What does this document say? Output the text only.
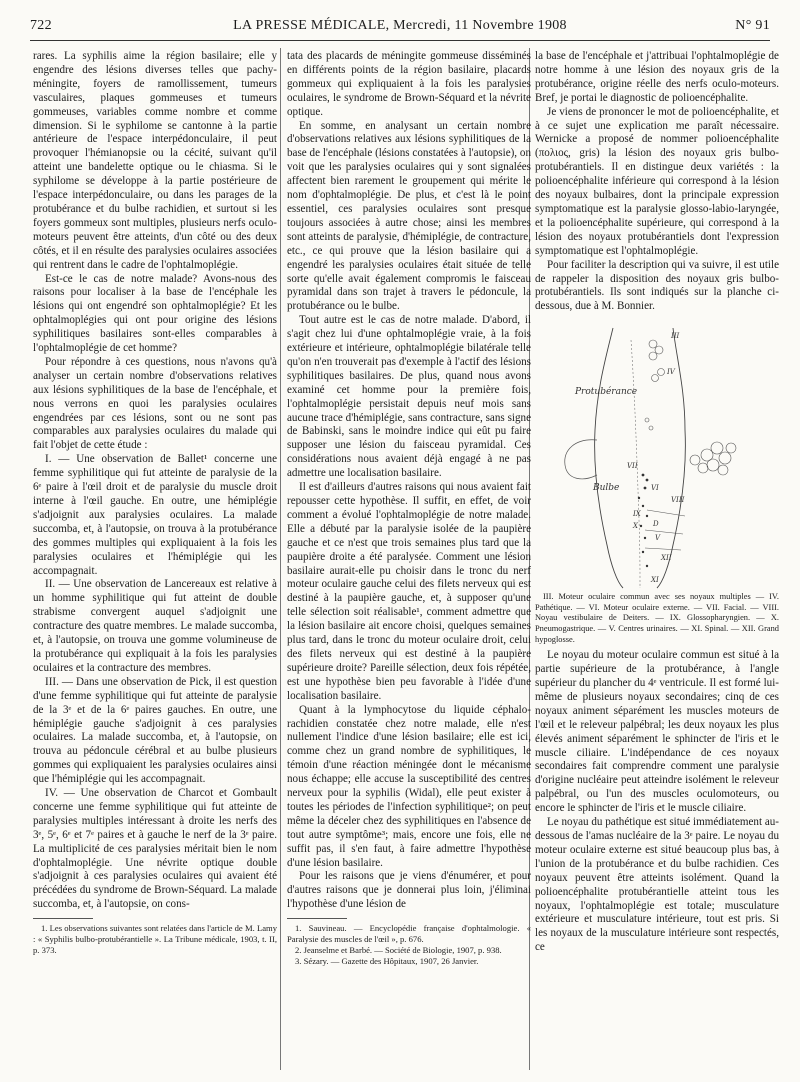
722	LA PRESSE MÉDICALE, Mercredi, 11 Novembre 1908	N° 91

rares. La syphilis aime la région basilaire; elle y engendre des lésions diverses telles que pachy-méningite, foyers de ramollissement, tumeurs vasculaires, plaques gommeuses et tumeurs gommeuses, variables comme nombre et comme dimension. Si le syphilome se cantonne à la partie antérieure de l'espace interpédonculaire, il peut provoquer l'hémianopsie ou la cécité, suivant qu'il atteint une bandelette optique ou le chiasma. Si le syphilome se développe à la partie postérieure de l'espace interpédonculaire, ou dans les parages de la protubérance et du bulbe rachidien, et surtout si les foyers gommeux sont multiples, plusieurs nerfs oculo-moteurs peuvent être atteints, d'un côté ou des deux côtés, et il en résulte des paralysies oculaires associées qui rentrent dans le cadre de l'ophtalmoplégie.

Est-ce le cas de notre malade? Avons-nous des raisons pour localiser à la base de l'encéphale les lésions qui ont engendré son ophtalmoplégie? Et les ophtalmoplégies qui ont pour origine des lésions syphilitiques basilaires sont-elles comparables à l'ophtalmoplégie de cet homme?

Pour répondre à ces questions, nous n'avons qu'à analyser un certain nombre d'observations relatives aux lésions syphilitiques de la base de l'encéphale, et nous verrons en quoi les paralysies oculaires engendrées par ces lésions, sont ou ne sont pas comparables aux paralysies oculaires du malade qui fait l'objet de cette étude :

I. — Une observation de Ballet¹ concerne une femme syphilitique qui fut atteinte de paralysie de la 6ᵉ paire à l'œil droit et de paralysie du muscle droit interne à l'œil gauche. En outre, une hémiplégie s'adjoignit aux paralysies oculaires. La malade succomba, et, à l'autopsie, on trouva à la protubérance des gommes multiples qui expliquaient à la fois les paralysies oculaires et l'hémiplégie qui les accompagnait.

II. — Une observation de Lancereaux est relative à un homme syphilitique qui fut atteint de double strabisme convergent auquel s'adjoignit une contracture des quatre membres. Le malade succomba, et, à l'autopsie, on trouva une gomme volumineuse de la protubérance qui expliquait à la fois les paralysies oculaires et la contracture des membres.

III. — Dans une observation de Pick, il est question d'une femme syphilitique qui fut atteinte de paralysie de la 3ᵉ et de la 6ᵉ paires gauches. En outre, une hémiplégie gauche s'adjoignit à ces paralysies oculaires. La malade succomba, et, à l'autopsie, on trouva au pédoncule cérébral et au bulbe plusieurs gommes qui expliquaient les paralysies oculaires ainsi que l'hémiplégie qui les accompagnait.

IV. — Une observation de Charcot et Gombault concerne une femme syphilitique qui fut atteinte de paralysies multiples intéressant à droite les nerfs des 3ᵉ, 5ᵉ, 6ᵉ et 7ᵉ paires et à gauche le nerf de la 3ᵉ paire. La multiplicité de ces paralysies méritait bien le nom d'ophtalmoplégie. Une névrite optique double s'adjoignit à ces paralysies oculaires qui avaient été précédées du syndrome de Brown-Séquard. La malade succomba, et, à l'autopsie, on cons-

1. Les observations suivantes sont relatées dans l'article de M. Lamy : « Syphilis bulbo-protubérantielle ». La Tribune médicale, 1903, t. II, p. 373.

tata des placards de méningite gommeuse disséminés en différents points de la région basilaire, placards gommeux qui expliquaient à la fois les paralysies oculaires, le syndrome de Brown-Séquard et la névrite optique.

En somme, en analysant un certain nombre d'observations relatives aux lésions syphilitiques de la base de l'encéphale (lésions constatées à l'autopsie), on voit que les paralysies oculaires qui y sont signalées affectent bien rarement le groupement qui mérite le nom d'ophtalmoplégie. De plus, et c'est là le point essentiel, ces paralysies oculaires sont presque toujours associées à autre chose; ainsi les membres sont atteints de paralysie, d'hémiplégie, de contracture, etc., ce qui prouve que la lésion basilaire qui a engendré les paralysies oculaires était située de telle sorte qu'elle avait également compromis le faisceau pyramidal dans son trajet à travers le pédoncule, la protubérance ou le bulbe.

Tout autre est le cas de notre malade. D'abord, il s'agit chez lui d'une ophtalmoplégie vraie, à la fois extérieure et intérieure, ophtalmoplégie bilatérale telle qu'on n'en trouverait pas d'exemple à l'actif des lésions syphilitiques basilaires. De plus, quand nous avons examiné cet homme pour la première fois, l'ophtalmoplégie persistait depuis neuf mois sans aucune trace d'hémiplégie, sans contracture, sans signe de Babinski, sans le moindre indice qui eût pu faire supposer une lésion du faisceau pyramidal. Ces considérations nous avaient déjà engagé à ne pas admettre une localisation basilaire.

Il est d'ailleurs d'autres raisons qui nous avaient fait repousser cette hypothèse. Il suffit, en effet, de voir comment a évolué l'ophtalmoplégie de notre malade. Elle a débuté par la paralysie isolée de la paupière gauche et ce n'est que trois semaines plus tard que la paupière droite a été paralysée. Comment une lésion basilaire aurait-elle pu choisir dans le tronc du nerf moteur oculaire gauche celui des filets nerveux qui est destiné à la paupière gauche, et, à supposer qu'une telle sélection soit réalisable¹, comment admettre que la lésion basilaire ait encore choisi, quelques semaines plus tard, dans le tronc du moteur oculaire droit, celui des filets nerveux qui est destiné à la paupière supérieure droite? Pareille sélection, deux fois répétée, est une hypothèse bien peu favorable à l'idée d'une localisation basilaire.

Quant à la lymphocytose du liquide céphalo-rachidien constatée chez notre malade, elle n'est nullement l'indice d'une lésion basilaire; elle est ici, comme chez un grand nombre de syphilitiques, le témoin d'une réaction méningée dont le mécanisme nous échappe; elle accuse la susceptibilité des centres nerveux pour la syphilis (Widal), elle peut exister à toutes les périodes de l'infection syphilitique²; on peut même la déceler chez des syphilitiques en l'absence de tout autre symptôme³; mais, encore une fois, elle ne suffit pas, il s'en faut, à faire admettre l'hypothèse d'une lésion basilaire.

Pour les raisons que je viens d'énumérer, et pour d'autres raisons que je donnerai plus loin, j'éliminai l'hypothèse d'une lésion de

1. Sauvineau. — Encyclopédie française d'ophtalmologie. « Paralysie des muscles de l'œil », p. 676.

2. Jeanselme et Barbé. — Société de Biologie, 1907, p. 938.

3. Sézary. — Gazette des Hôpitaux, 1907, 26 Janvier.

la base de l'encéphale et j'attribuai l'ophtalmoplégie de notre homme à une lésion des noyaux gris de la protubérance, origine réelle des nerfs oculo-moteurs. Bref, je portai le diagnostic de polioencéphalite.

Je viens de prononcer le mot de polioencéphalite, et à ce sujet une explication me paraît nécessaire. Wernicke a proposé de nommer polioencéphalite (πολιος, gris) la lésion des noyaux gris bulbo-protubérantiels. Il en distingue deux variétés : la polioencéphalite inférieure qui correspond à la lésion des noyaux bulbaires, dont la principale expression symptomatique est la paralysie glosso-labio-laryngée, et la polioencéphalite supérieure, qui correspond à la lésion des noyaux protubérantiels dont l'expression symptomatique est l'ophtalmoplégie.

Pour faciliter la description qui va suivre, il est utile de rappeler la disposition des noyaux gris bulbo-protubérantiels. Ils sont indiqués sur la planche ci-dessous, due à M. Bonnier.

III
IV
VII
VI
VIII
IX
X D
V
XII
XI
Protubérance
Bulbe

III. Moteur oculaire commun avec ses noyaux multiples — IV. Pathétique. — VI. Moteur oculaire externe. — VII. Facial. — VIII. Noyau vestibulaire de Deiters. — IX. Glossopharyngien. — X. Pneumogastrique. — V. Centres urinaires. — XI. Spinal. — XII. Grand hypoglosse.

Le noyau du moteur oculaire commun est situé à la partie supérieure de la protubérance, à l'angle supérieur du plancher du 4ᵉ ventricule. Il est formé lui-même de plusieurs noyaux secondaires; cinq de ces noyaux animent séparément les muscles moteurs de l'œil et le releveur palpébral; les deux noyaux les plus élevés animent séparément le sphincter de l'iris et le muscle ciliaire. L'indépendance de ces noyaux secondaires fait comprendre comment une paralysie d'origine nucléaire peut atteindre isolément le releveur palpébral, ou l'un des muscles oculomoteurs, ou encore le sphincter de l'iris et le muscle ciliaire.

Le noyau du pathétique est situé immédiatement au-dessous de l'amas nucléaire de la 3ᵉ paire. Le noyau du moteur oculaire externe est situé beaucoup plus bas, à l'union de la protubérance et du bulbe rachidien. Ces noyaux peuvent être atteints isolément. Quand la polioencéphalite protubérantielle atteint tous les noyaux, l'ophtalmoplégie est totale; musculature extérieure et musculature intérieure, tout est pris. Si les noyaux de la musculature intérieure sont respectés, ce
